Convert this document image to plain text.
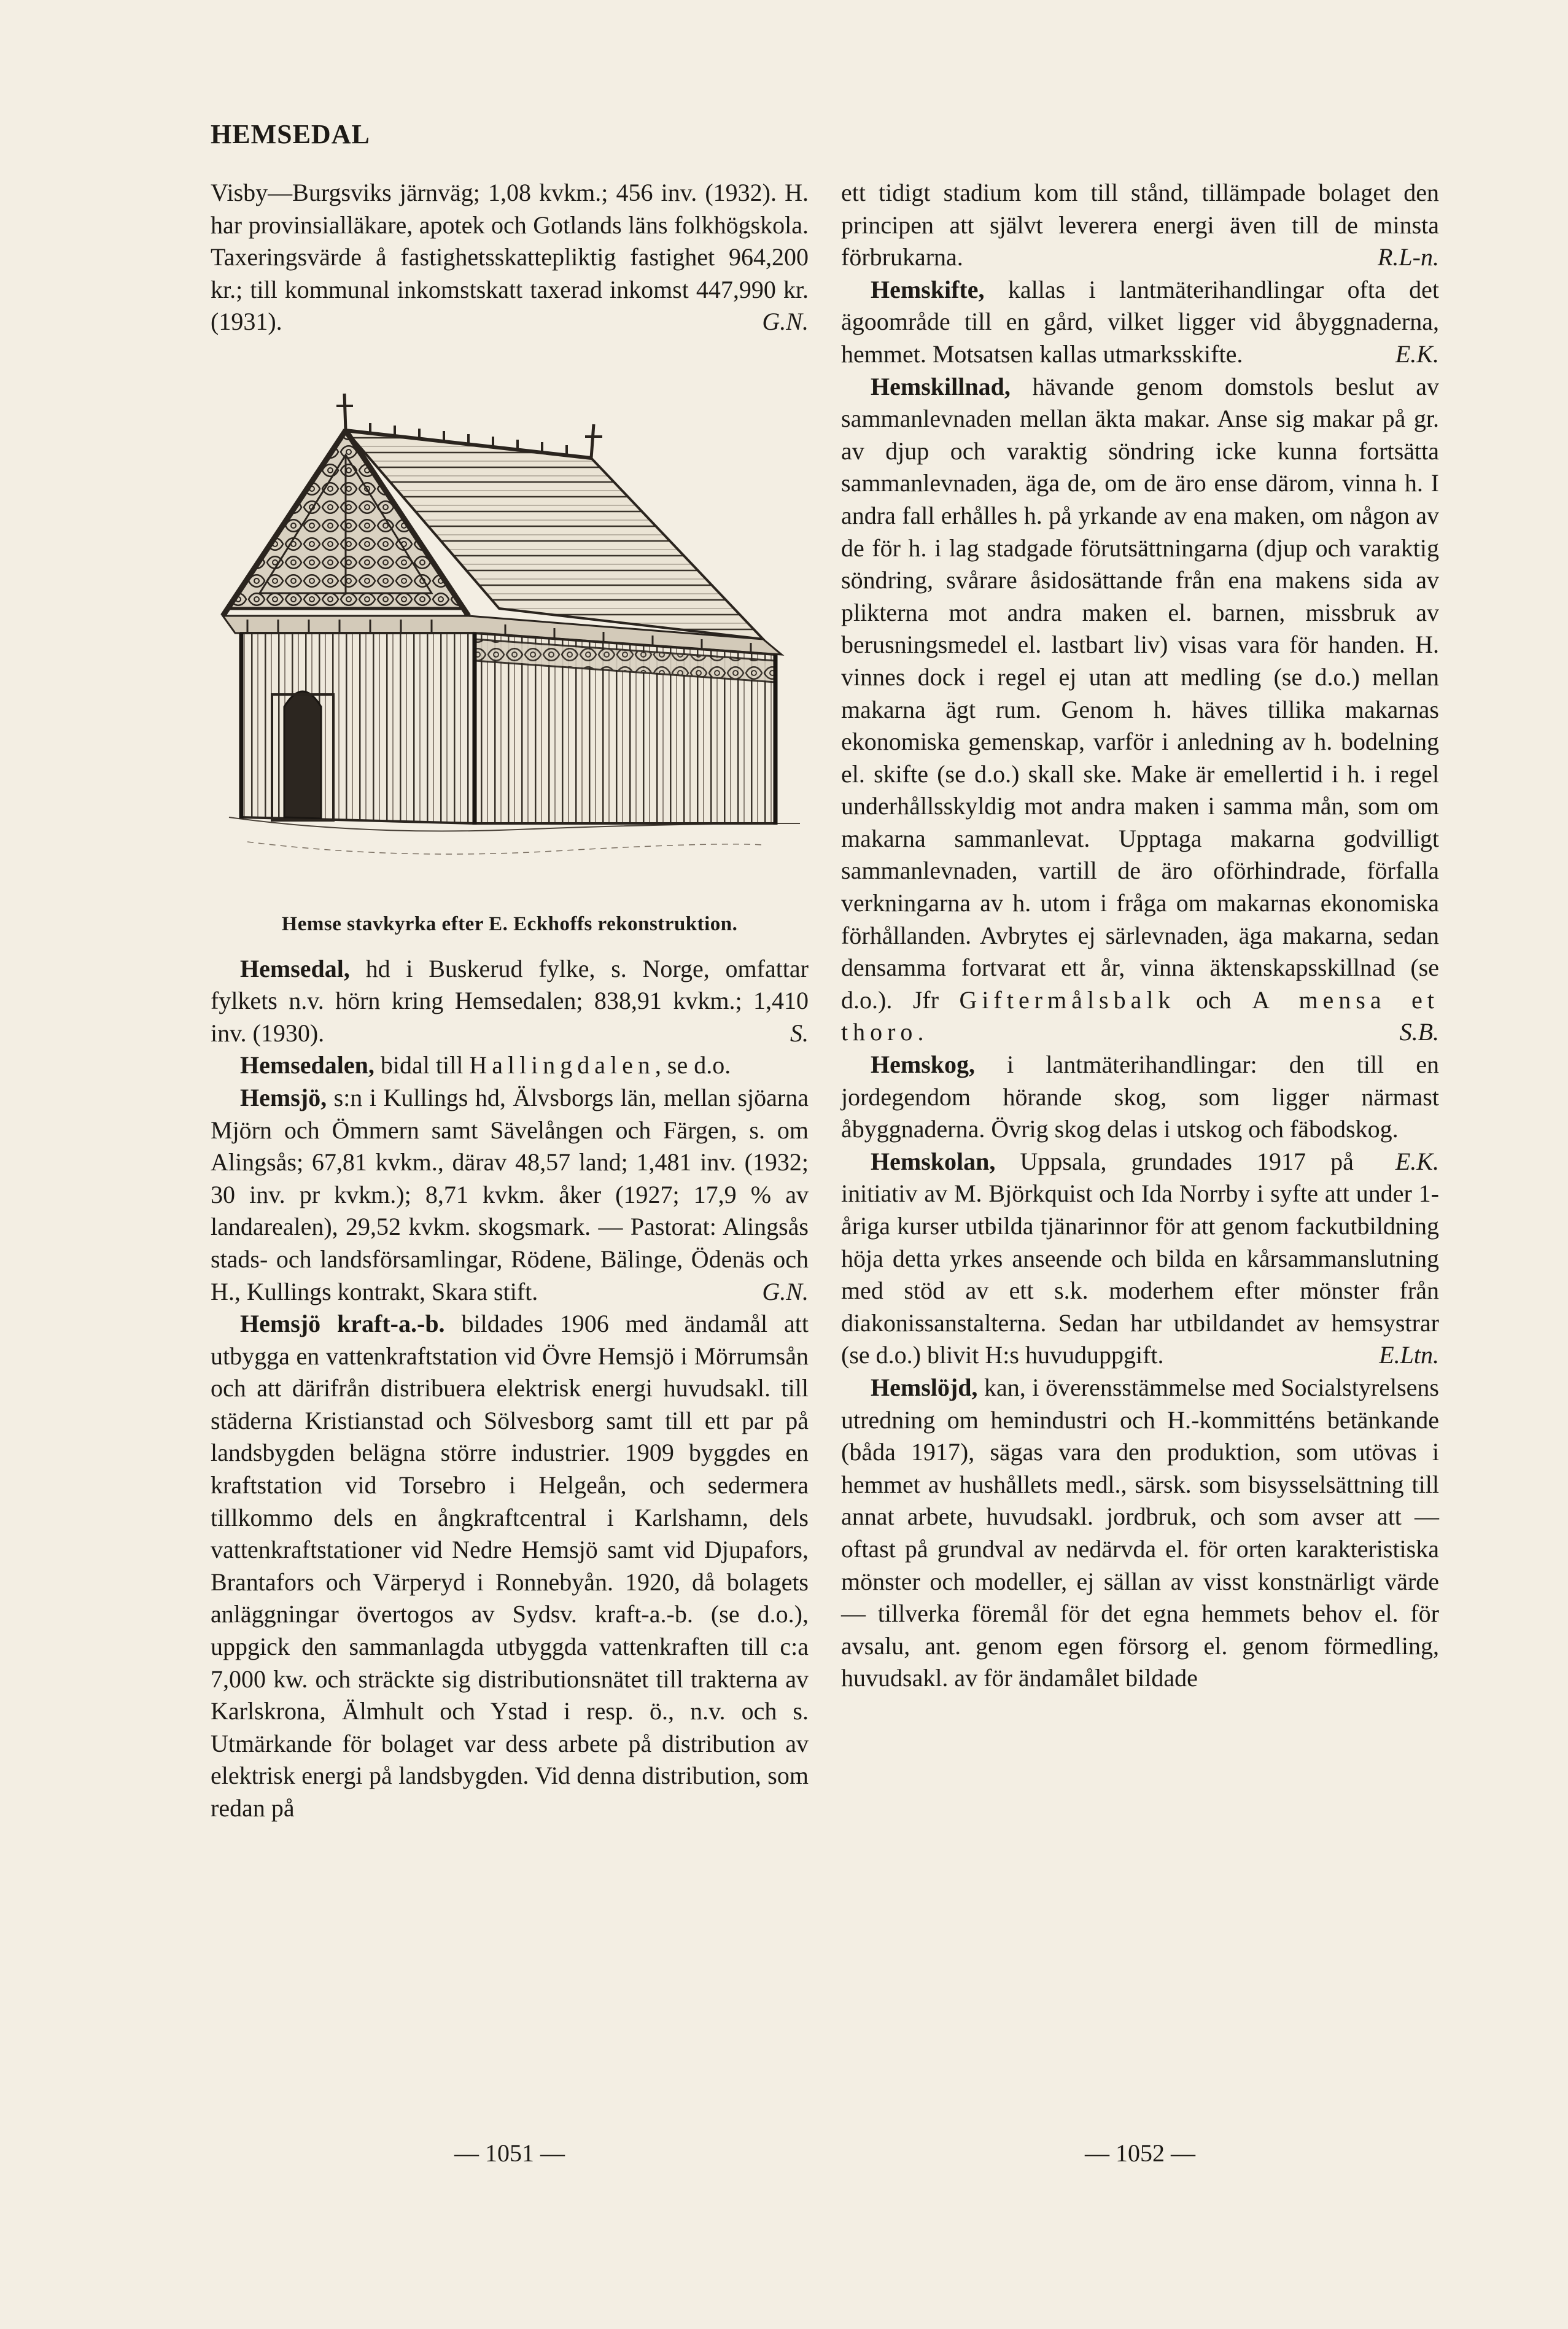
HEMSEDAL

Visby—Burgsviks järnväg; 1,08 kvkm.; 456 inv. (1932). H. har provinsialläkare, apotek och Gotlands läns folkhögskola. Taxeringsvärde å fastighetsskattepliktig fastighet 964,200 kr.; till kommunal inkomstskatt taxerad inkomst 447,990 kr. (1931).	G.N.

Hemse stavkyrka efter E. Eckhoffs rekonstruktion.

Hemsedal, hd i Buskerud fylke, s. Norge, omfattar fylkets n.v. hörn kring Hemsedalen; 838,91 kvkm.; 1,410 inv. (1930).	S.

Hemsedalen, bidal till Hallingdalen, se d.o.

Hemsjö, s:n i Kullings hd, Älvsborgs län, mellan sjöarna Mjörn och Ömmern samt Sävelången och Färgen, s. om Alingsås; 67,81 kvkm., därav 48,57 land; 1,481 inv. (1932; 30 inv. pr kvkm.); 8,71 kvkm. åker (1927; 17,9 % av landarealen), 29,52 kvkm. skogsmark. — Pastorat: Alingsås stads- och landsförsamlingar, Rödene, Bälinge, Ödenäs och H., Kullings kontrakt, Skara stift.	G.N.

Hemsjö kraft-a.-b. bildades 1906 med ändamål att utbygga en vattenkraftstation vid Övre Hemsjö i Mörrumsån och att därifrån distribuera elektrisk energi huvudsakl. till städerna Kristianstad och Sölvesborg samt till ett par på landsbygden belägna större industrier. 1909 byggdes en kraftstation vid Torsebro i Helgeån, och sedermera tillkommo dels en ångkraftcentral i Karlshamn, dels vattenkraftstationer vid Nedre Hemsjö samt vid Djupafors, Brantafors och Värperyd i Ronnebyån. 1920, då bolagets anläggningar övertogos av Sydsv. kraft-a.-b. (se d.o.), uppgick den sammanlagda utbyggda vattenkraften till c:a 7,000 kw. och sträckte sig distributionsnätet till trakterna av Karlskrona, Älmhult och Ystad i resp. ö., n.v. och s. Utmärkande för bolaget var dess arbete på distribution av elektrisk energi på landsbygden. Vid denna distribution, som redan på

ett tidigt stadium kom till stånd, tillämpade bolaget den principen att självt leverera energi även till de minsta förbrukarna.	R.L-n.

Hemskifte, kallas i lantmäterihandlingar ofta det ägoområde till en gård, vilket ligger vid åbyggnaderna, hemmet. Motsatsen kallas utmarksskifte.	E.K.

Hemskillnad, hävande genom domstols beslut av sammanlevnaden mellan äkta makar. Anse sig makar på gr. av djup och varaktig söndring icke kunna fortsätta sammanlevnaden, äga de, om de äro ense därom, vinna h. I andra fall erhålles h. på yrkande av ena maken, om någon av de för h. i lag stadgade förutsättningarna (djup och varaktig söndring, svårare åsidosättande från ena makens sida av plikterna mot andra maken el. barnen, missbruk av berusningsmedel el. lastbart liv) visas vara för handen. H. vinnes dock i regel ej utan att medling (se d.o.) mellan makarna ägt rum. Genom h. häves tillika makarnas ekonomiska gemenskap, varför i anledning av h. bodelning el. skifte (se d.o.) skall ske. Make är emellertid i h. i regel underhållsskyldig mot andra maken i samma mån, som om makarna sammanlevat. Upptaga makarna godvilligt sammanlevnaden, vartill de äro oförhindrade, förfalla verkningarna av h. utom i fråga om makarnas ekonomiska förhållanden. Avbrytes ej särlevnaden, äga makarna, sedan densamma fortvarat ett år, vinna äktenskapsskillnad (se d.o.). Jfr Giftermålsbalk och A mensa et thoro.	S.B.

Hemskog, i lantmäterihandlingar: den till en jordegendom hörande skog, som ligger närmast åbyggnaderna. Övrig skog delas i utskog och fäbodskog.
E.K.

Hemskolan, Uppsala, grundades 1917 på initiativ av M. Björkquist och Ida Norrby i syfte att under 1-åriga kurser utbilda tjänarinnor för att genom fackutbildning höja detta yrkes anseende och bilda en kårsammanslutning med stöd av ett s.k. moderhem efter mönster från diakonissanstalterna. Sedan har utbildandet av hemsystrar (se d.o.) blivit H:s huvuduppgift.	E.Ltn.

Hemslöjd, kan, i överensstämmelse med Socialstyrelsens utredning om hemindustri och H.-kommitténs betänkande (båda 1917), sägas vara den produktion, som utövas i hemmet av hushållets medl., särsk. som bisysselsättning till annat arbete, huvudsakl. jordbruk, och som avser att — oftast på grundval av nedärvda el. för orten karakteristiska mönster och modeller, ej sällan av visst konstnärligt värde — tillverka föremål för det egna hemmets behov el. för avsalu, ant. genom egen försorg el. genom förmedling, huvudsakl. av för ändamålet bildade

— 1051 —	— 1052 —
